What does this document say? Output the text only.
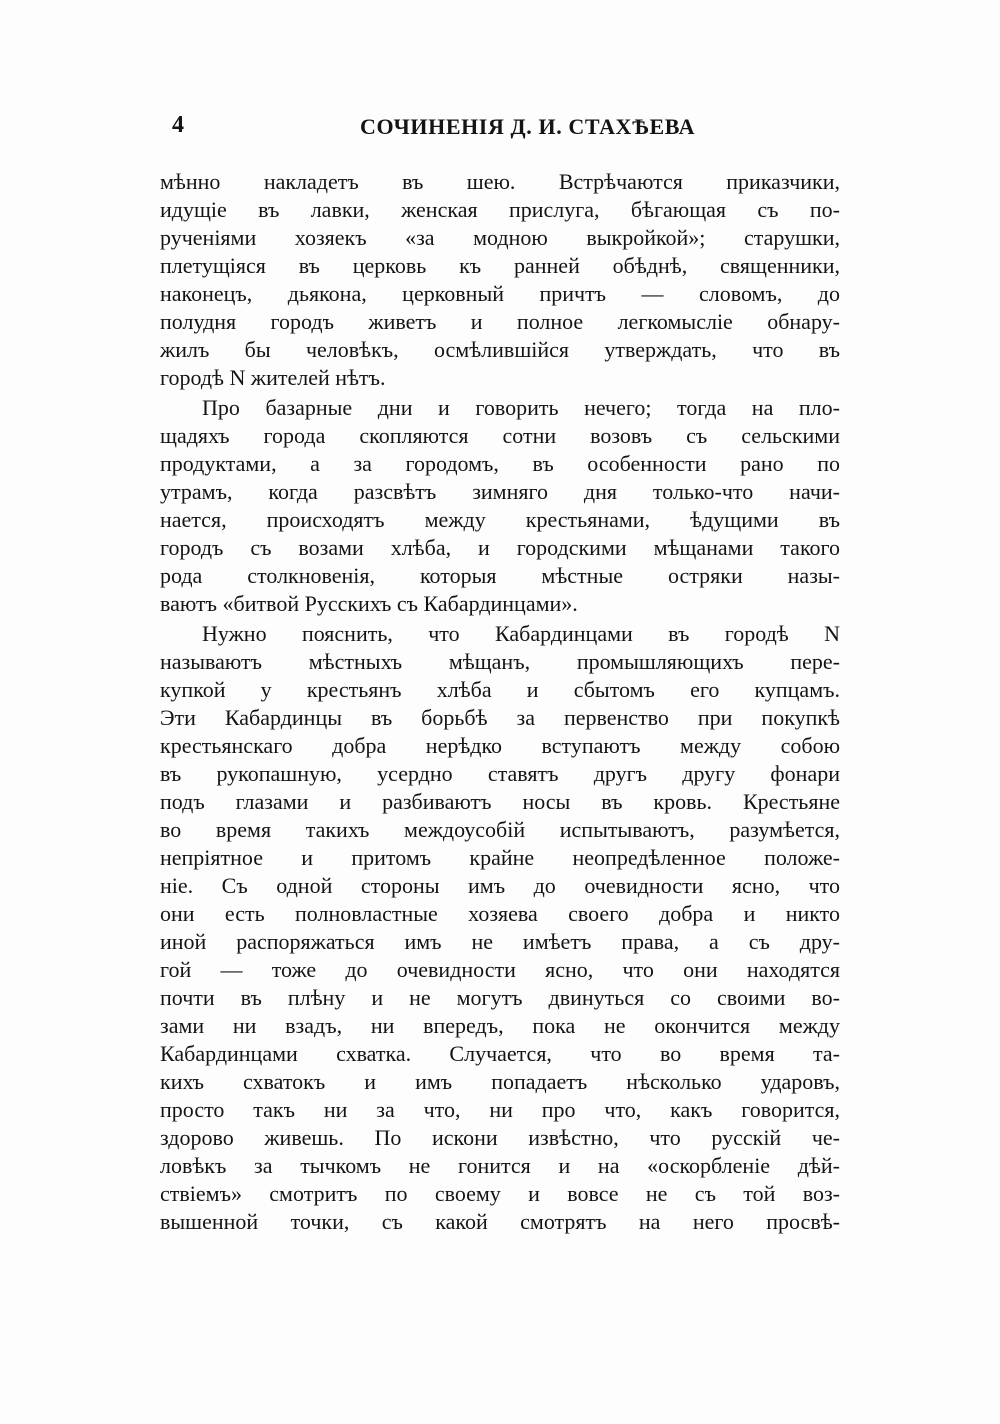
4	СОЧИНЕНІЯ Д. И. СТАХѢЕВА
мѣнно накладетъ въ шею. Встрѣчаются приказчики,
идущіе въ лавки, женская прислуга, бѣгающая съ по-
рученіями хозяекъ «за модною выкройкой»; старушки,
плетущіяся въ церковь къ ранней обѣднѣ, священники,
наконецъ, дьякона, церковный причтъ — словомъ, до
полудня городъ живетъ и полное легкомысліе обнару-
жилъ бы человѣкъ, осмѣлившійся утверждать, что въ
городѣ N жителей нѣтъ.
Про базарные дни и говорить нечего; тогда на пло-
щадяхъ города скопляются сотни возовъ съ сельскими
продуктами, а за городомъ, въ особенности рано по
утрамъ, когда разсвѣтъ зимняго дня только-что начи-
нается, происходятъ между крестьянами, ѣдущими въ
городъ съ возами хлѣба, и городскими мѣщанами такого
рода столкновенія, которыя мѣстные остряки назы-
ваютъ «битвой Русскихъ съ Кабардинцами».
Нужно пояснить, что Кабардинцами въ городѣ N
называютъ мѣстныхъ мѣщанъ, промышляющихъ пере-
купкой у крестьянъ хлѣба и сбытомъ его купцамъ.
Эти Кабардинцы въ борьбѣ за первенство при покупкѣ
крестьянскаго добра нерѣдко вступаютъ между собою
въ рукопашную, усердно ставятъ другъ другу фонари
подъ глазами и разбиваютъ носы въ кровь. Крестьяне
во время такихъ междоусобій испытываютъ, разумѣется,
непріятное и притомъ крайне неопредѣленное положе-
ніе. Съ одной стороны имъ до очевидности ясно, что
они есть полновластные хозяева своего добра и никто
иной распоряжаться имъ не имѣетъ права, а съ дру-
гой — тоже до очевидности ясно, что они находятся
почти въ плѣну и не могутъ двинуться со своими во-
зами ни взадъ, ни впередъ, пока не окончится между
Кабардинцами схватка. Случается, что во время та-
кихъ схватокъ и имъ попадаетъ нѣсколько ударовъ,
просто такъ ни за что, ни про что, какъ говорится,
здорово живешь. По искони извѣстно, что русскій че-
ловѣкъ за тычкомъ не гонится и на «оскорбленіе дѣй-
ствіемъ» смотритъ по своему и вовсе не съ той воз-
вышенной точки, съ какой смотрятъ на него просвѣ-
